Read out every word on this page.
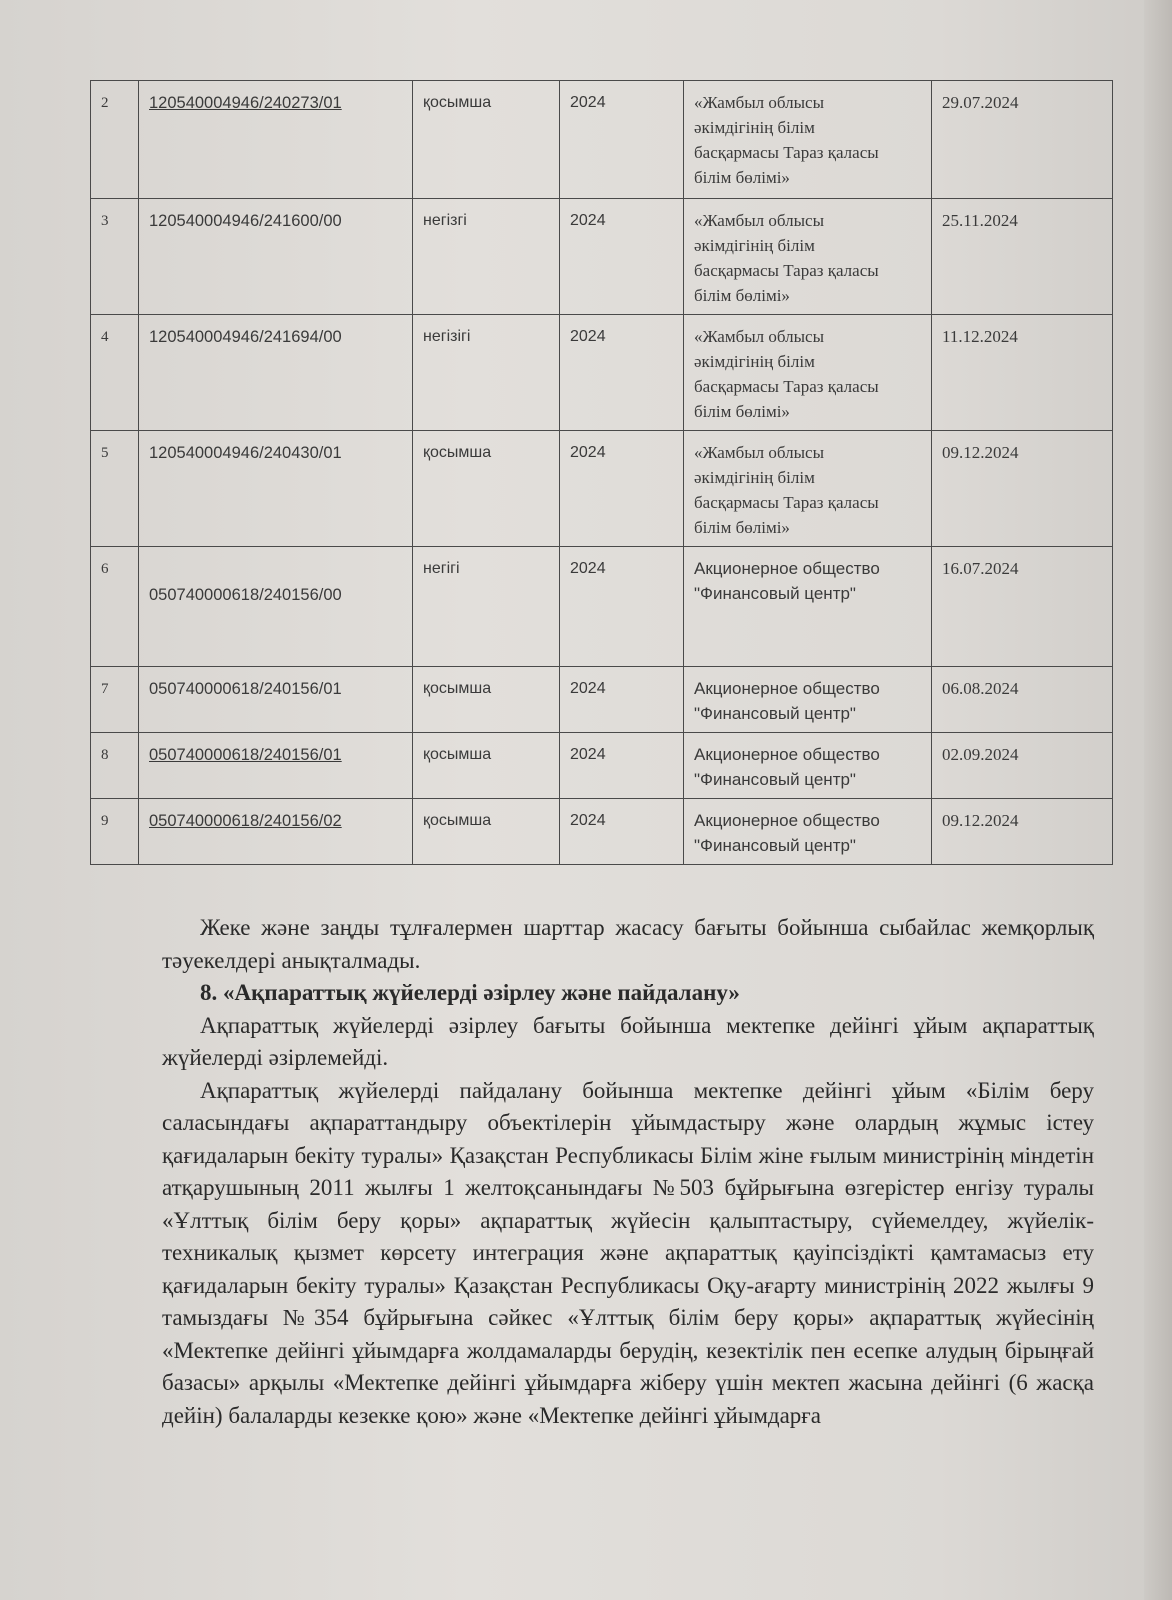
2	120540004946/240273/01	қосымша	2024	«Жамбыл облысы
әкімдігінің білім
басқармасы Тараз қаласы
білім бөлімі»	29.07.2024
3	120540004946/241600/00	негізгі	2024	«Жамбыл облысы
әкімдігінің білім
басқармасы Тараз қаласы
білім бөлімі»	25.11.2024
4	120540004946/241694/00	негізігі	2024	«Жамбыл облысы
әкімдігінің білім
басқармасы Тараз қаласы
білім бөлімі»	11.12.2024
5	120540004946/240430/01	қосымша	2024	«Жамбыл облысы
әкімдігінің білім
басқармасы Тараз қаласы
білім бөлімі»	09.12.2024
6	050740000618/240156/00	негігі	2024	Акционерное общество
"Финансовый центр"	16.07.2024
7	050740000618/240156/01	қосымша	2024	Акционерное общество
"Финансовый центр"	06.08.2024
8	050740000618/240156/01	қосымша	2024	Акционерное общество
"Финансовый центр"	02.09.2024
9	050740000618/240156/02	қосымша	2024	Акционерное общество
"Финансовый центр"	09.12.2024

Жеке және заңды тұлғалермен шарттар жасасу бағыты бойынша сыбайлас жемқорлық тәуекелдері анықталмады.

8. «Ақпараттық жүйелерді әзірлеу және пайдалану»

Ақпараттық жүйелерді әзірлеу бағыты бойынша мектепке дейінгі ұйым ақпараттық жүйелерді әзірлемейді.

Ақпараттық жүйелерді пайдалану бойынша мектепке дейінгі ұйым «Білім беру саласындағы ақпараттандыру объектілерін ұйымдастыру және олардың жұмыс істеу қағидаларын бекіту туралы» Қазақстан Республикасы Білім жіне ғылым министрінің міндетін атқарушының 2011 жылғы 1 желтоқсанындағы №503 бұйрығына өзгерістер енгізу туралы «Ұлттық білім беру қоры» ақпараттық жүйесін қалыптастыру, сүйемелдеу, жүйелік-техникалық қызмет көрсету интеграция және ақпараттық қауіпсіздікті қамтамасыз ету қағидаларын бекіту туралы» Қазақстан Республикасы Оқу-ағарту министрінің 2022 жылғы 9 тамыздағы №354 бұйрығына сәйкес «Ұлттық білім беру қоры» ақпараттық жүйесінің «Мектепке дейінгі ұйымдарға жолдамаларды берудің, кезектілік пен есепке алудың бірыңғай базасы» арқылы «Мектепке дейінгі ұйымдарға жіберу үшін мектеп жасына дейінгі (6 жасқа дейін) балаларды кезекке қою» және «Мектепке дейінгі ұйымдарға
